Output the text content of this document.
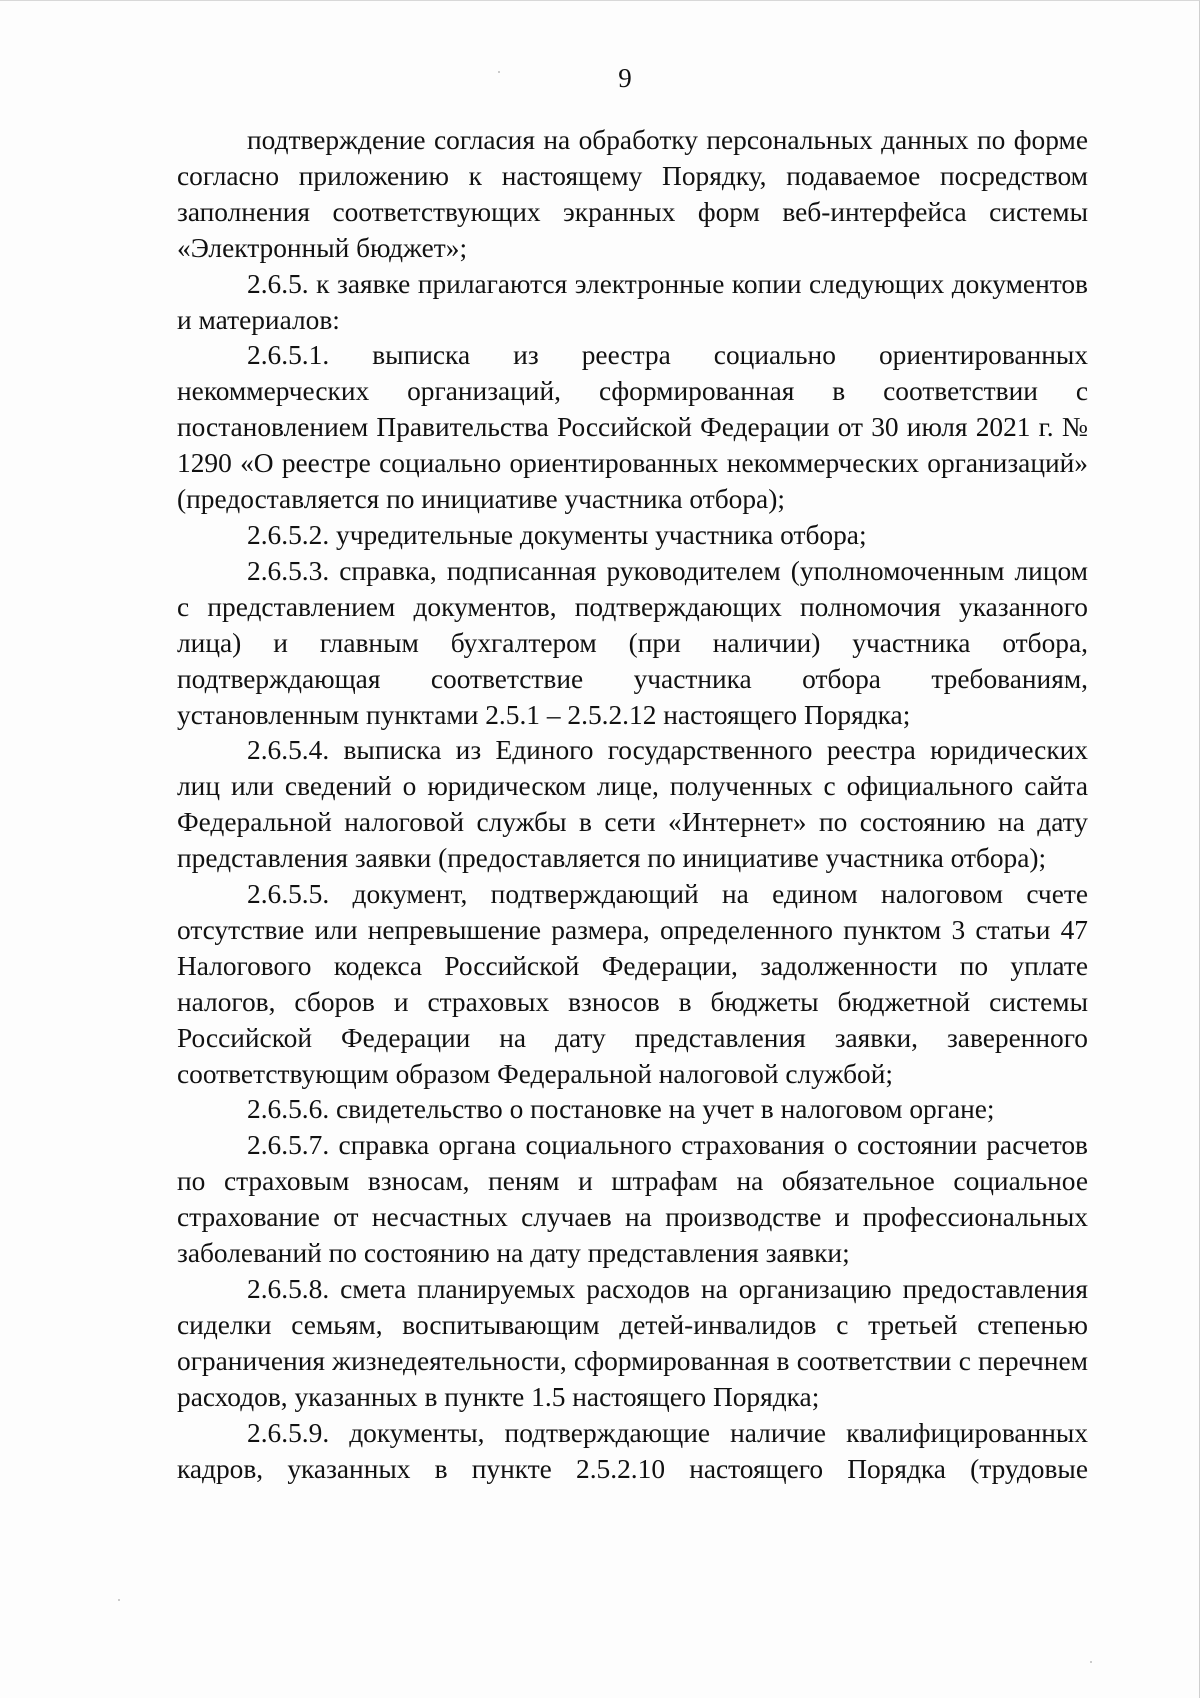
9

подтверждение согласия на обработку персональных данных по форме согласно приложению к настоящему Порядку, подаваемое посредством заполнения соответствующих экранных форм веб-интерфейса системы «Электронный бюджет»;

2.6.5. к заявке прилагаются электронные копии следующих документов и материалов:

2.6.5.1. выписка из реестра социально ориентированных некоммерческих организаций, сформированная в соответствии с постановлением Правительства Российской Федерации от 30 июля 2021 г. № 1290 «О реестре социально ориентированных некоммерческих организаций» (предоставляется по инициативе участника отбора);

2.6.5.2. учредительные документы участника отбора;

2.6.5.3. справка, подписанная руководителем (уполномоченным лицом с представлением документов, подтверждающих полномочия указанного лица) и главным бухгалтером (при наличии) участника отбора, подтверждающая соответствие участника отбора требованиям, установленным пунктами 2.5.1 – 2.5.2.12 настоящего Порядка;

2.6.5.4. выписка из Единого государственного реестра юридических лиц или сведений о юридическом лице, полученных с официального сайта Федеральной налоговой службы в сети «Интернет» по состоянию на дату представления заявки (предоставляется по инициативе участника отбора);

2.6.5.5. документ, подтверждающий на едином налоговом счете отсутствие или непревышение размера, определенного пунктом 3 статьи 47 Налогового кодекса Российской Федерации, задолженности по уплате налогов, сборов и страховых взносов в бюджеты бюджетной системы Российской Федерации на дату представления заявки, заверенного соответствующим образом Федеральной налоговой службой;

2.6.5.6. свидетельство о постановке на учет в налоговом органе;

2.6.5.7. справка органа социального страхования о состоянии расчетов по страховым взносам, пеням и штрафам на обязательное социальное страхование от несчастных случаев на производстве и профессиональных заболеваний по состоянию на дату представления заявки;

2.6.5.8. смета планируемых расходов на организацию предоставления сиделки семьям, воспитывающим детей-инвалидов с третьей степенью ограничения жизнедеятельности, сформированная в соответствии с перечнем расходов, указанных в пункте 1.5 настоящего Порядка;

2.6.5.9. документы, подтверждающие наличие квалифицированных кадров, указанных в пункте 2.5.2.10 настоящего Порядка (трудовые
